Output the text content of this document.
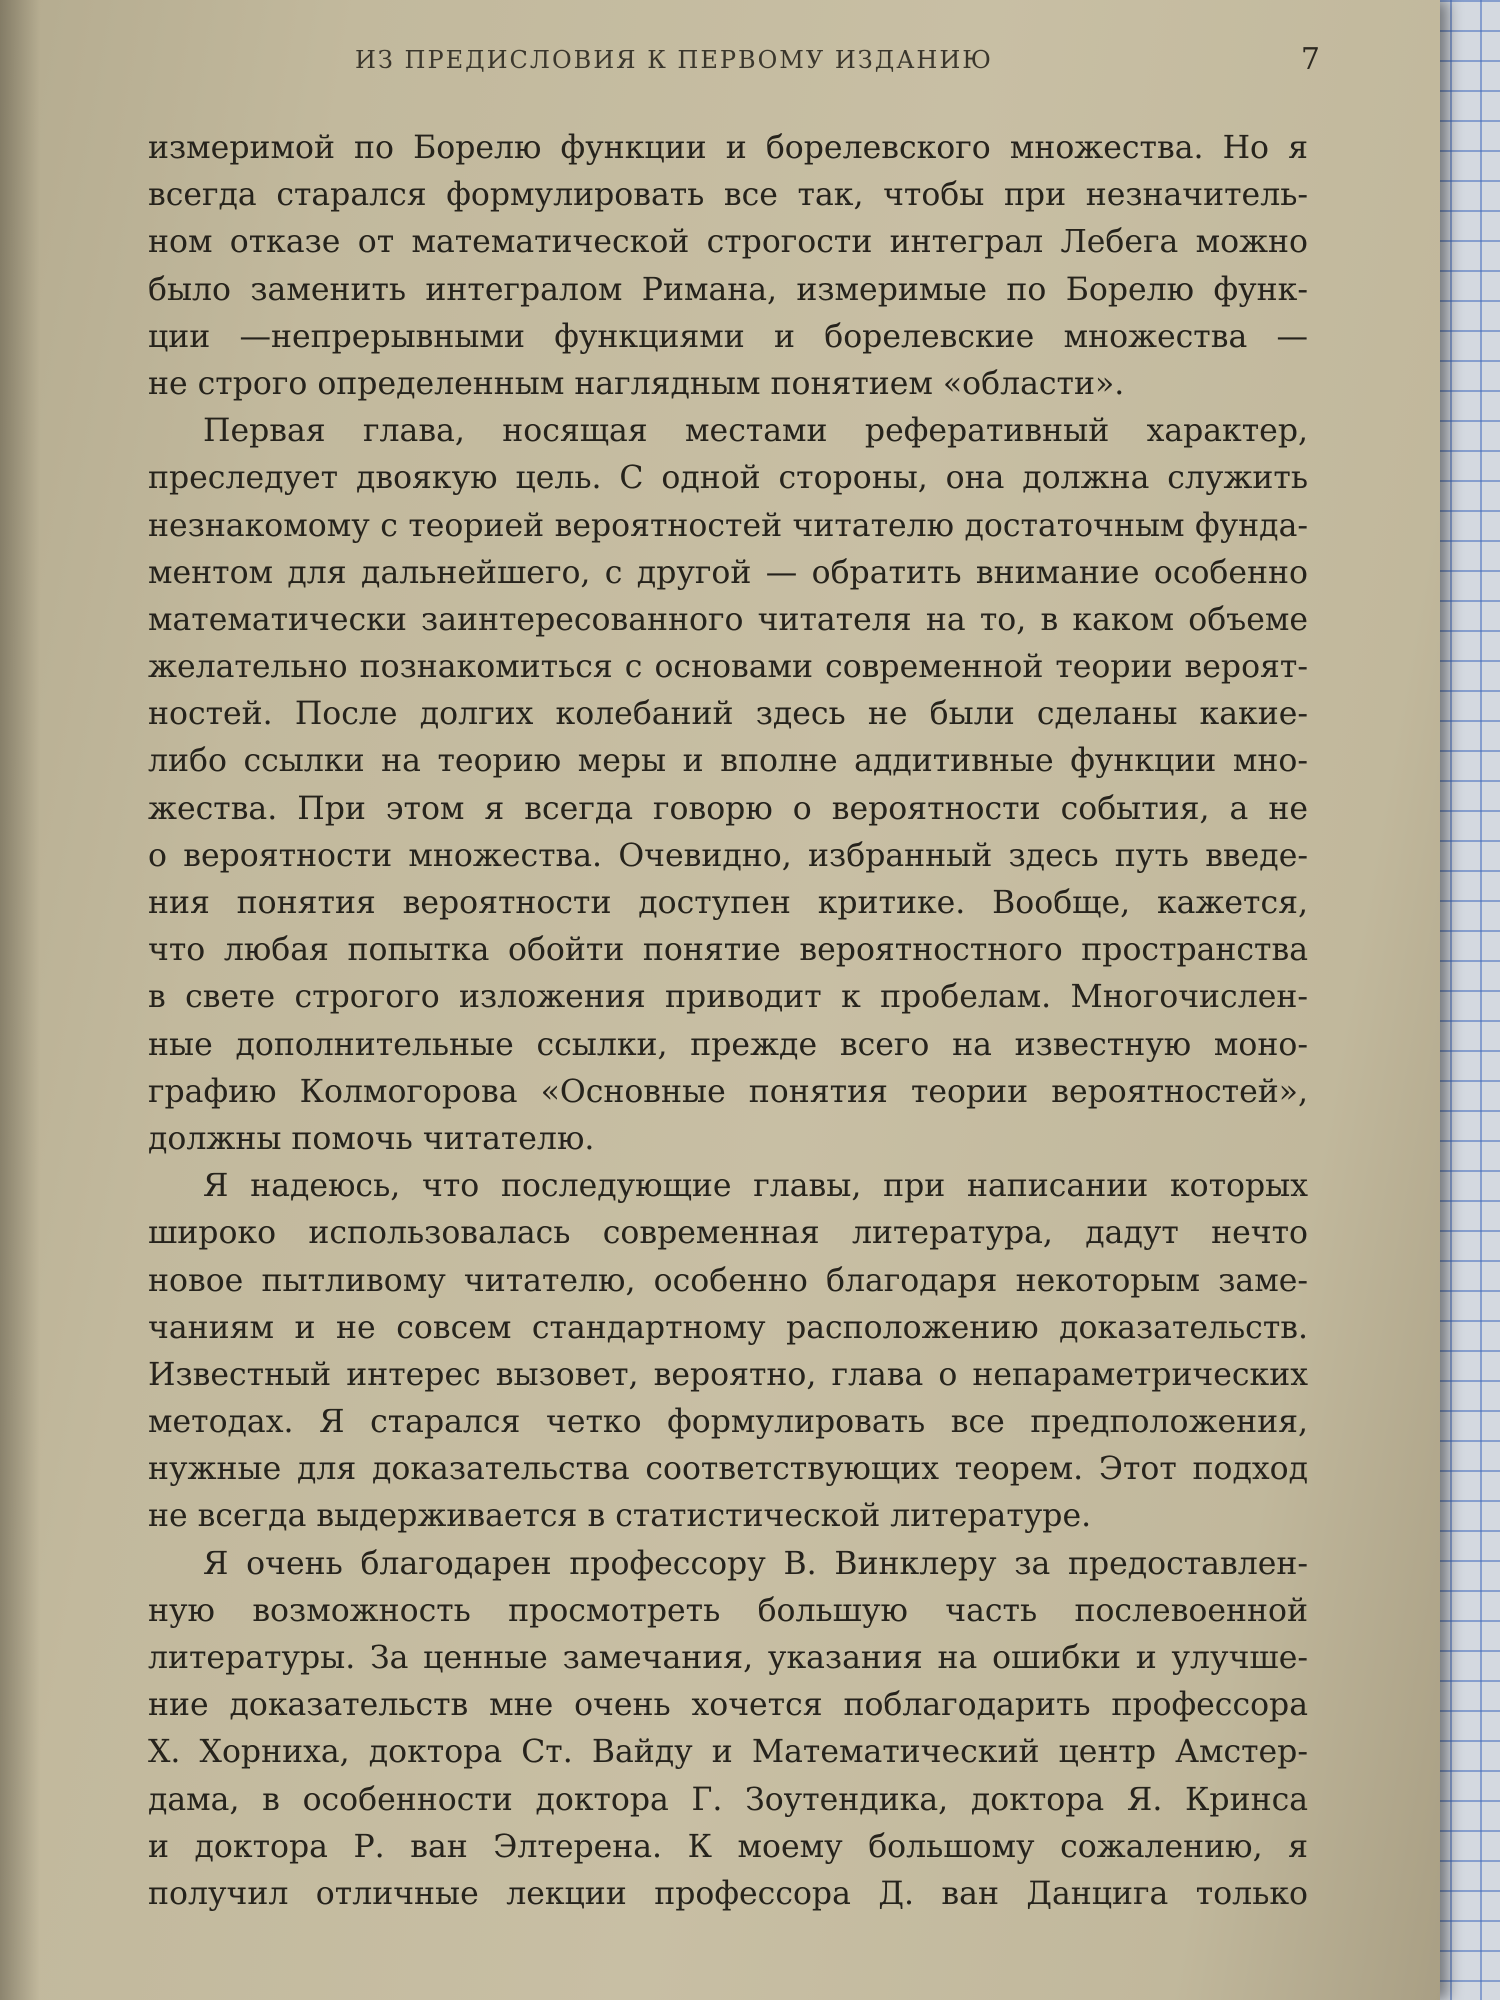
ИЗ ПРЕДИСЛОВИЯ К ПЕРВОМУ ИЗДАНИЮ	7
измеримой по Борелю функции и борелевского множества. Но я
всегда старался формулировать все так, чтобы при незначитель-
ном отказе от математической строгости интеграл Лебега можно
было заменить интегралом Римана, измеримые по Борелю функ-
ции —непрерывными функциями и борелевские множества —
не строго определенным наглядным понятием «области».
Первая глава, носящая местами реферативный характер,
преследует двоякую цель. С одной стороны, она должна служить
незнакомому с теорией вероятностей читателю достаточным фунда-
ментом для дальнейшего, с другой — обратить внимание особенно
математически заинтересованного читателя на то, в каком объеме
желательно познакомиться с основами современной теории вероят-
ностей. После долгих колебаний здесь не были сделаны какие-
либо ссылки на теорию меры и вполне аддитивные функции мно-
жества. При этом я всегда говорю о вероятности события, а не
о вероятности множества. Очевидно, избранный здесь путь введе-
ния понятия вероятности доступен критике. Вообще, кажется,
что любая попытка обойти понятие вероятностного пространства
в свете строгого изложения приводит к пробелам. Многочислен-
ные дополнительные ссылки, прежде всего на известную моно-
графию Колмогорова «Основные понятия теории вероятностей»,
должны помочь читателю.
Я надеюсь, что последующие главы, при написании которых
широко использовалась современная литература, дадут нечто
новое пытливому читателю, особенно благодаря некоторым заме-
чаниям и не совсем стандартному расположению доказательств.
Известный интерес вызовет, вероятно, глава о непараметрических
методах. Я старался четко формулировать все предположения,
нужные для доказательства соответствующих теорем. Этот подход
не всегда выдерживается в статистической литературе.
Я очень благодарен профессору В. Винклеру за предоставлен-
ную возможность просмотреть большую часть послевоенной
литературы. За ценные замечания, указания на ошибки и улучше-
ние доказательств мне очень хочется поблагодарить профессора
Х. Хорниха, доктора Ст. Вайду и Математический центр Амстер-
дама, в особенности доктора Г. Зоутендика, доктора Я. Кринса
и доктора Р. ван Элтерена. К моему большому сожалению, я
получил отличные лекции профессора Д. ван Данцига только
